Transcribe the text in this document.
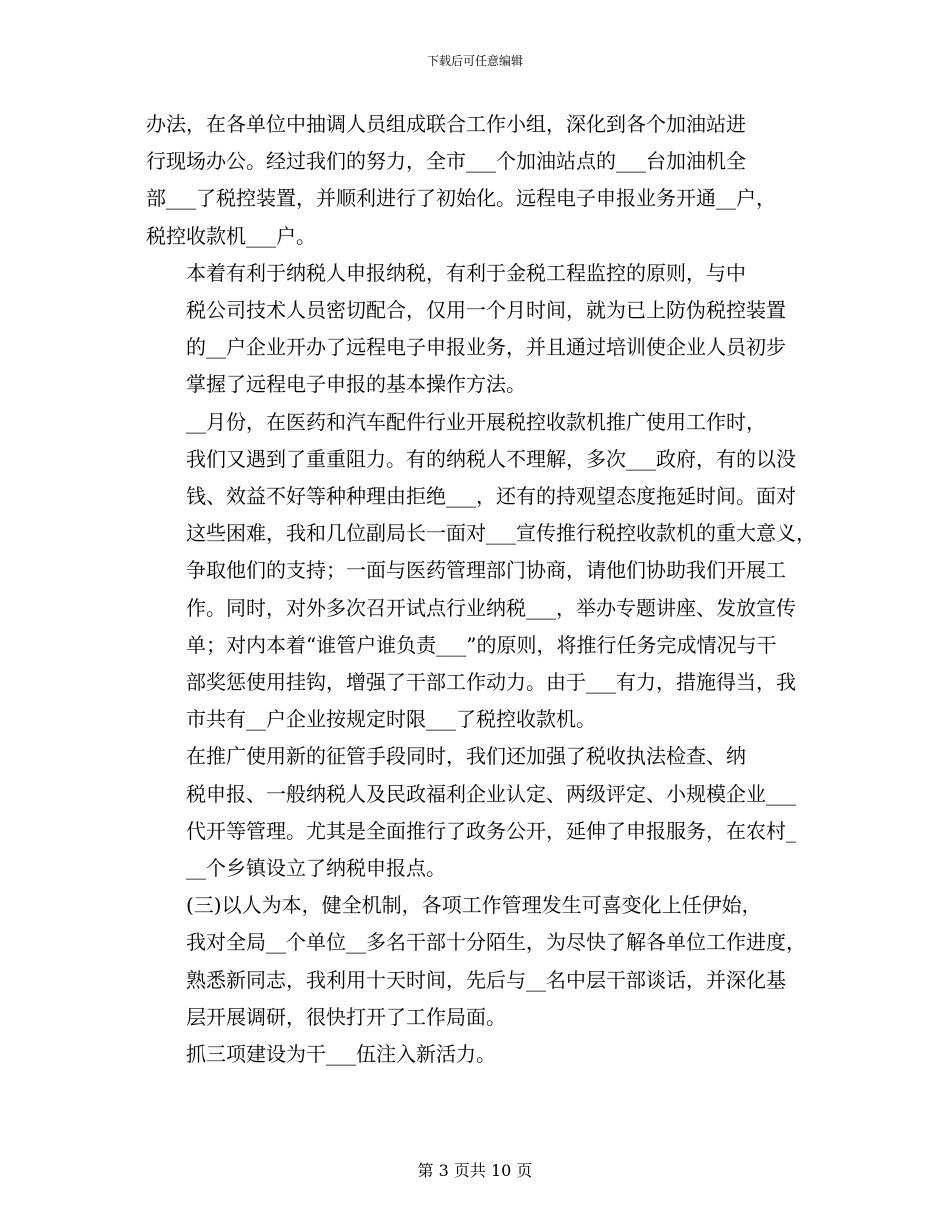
下载后可任意编辑
办法，在各单位中抽调人员组成联合工作小组，深化到各个加油站进
行现场办公。经过我们的努力，全市___个加油站点的___台加油机全
部___了税控装置，并顺利进行了初始化。远程电子申报业务开通__户，
税控收款机___户。
本着有利于纳税人申报纳税，有利于金税工程监控的原则，与中
税公司技术人员密切配合，仅用一个月时间，就为已上防伪税控装置
的__户企业开办了远程电子申报业务，并且通过培训使企业人员初步
掌握了远程电子申报的基本操作方法。
__月份，在医药和汽车配件行业开展税控收款机推广使用工作时，
我们又遇到了重重阻力。有的纳税人不理解，多次___政府，有的以没
钱、效益不好等种种理由拒绝___，还有的持观望态度拖延时间。面对
这些困难，我和几位副局长一面对___宣传推行税控收款机的重大意义，
争取他们的支持；一面与医药管理部门协商，请他们协助我们开展工
作。同时，对外多次召开试点行业纳税___，举办专题讲座、发放宣传
单；对内本着“谁管户谁负责___”的原则，将推行任务完成情况与干
部奖惩使用挂钩，增强了干部工作动力。由于___有力，措施得当，我
市共有__户企业按规定时限___了税控收款机。
在推广使用新的征管手段同时，我们还加强了税收执法检查、纳
税申报、一般纳税人及民政福利企业认定、两级评定、小规模企业___
代开等管理。尤其是全面推行了政务公开，延伸了申报服务，在农村_
__个乡镇设立了纳税申报点。
(三)以人为本，健全机制，各项工作管理发生可喜变化上任伊始，
我对全局__个单位__多名干部十分陌生，为尽快了解各单位工作进度，
熟悉新同志，我利用十天时间，先后与__名中层干部谈话，并深化基
层开展调研，很快打开了工作局面。
抓三项建设为干___伍注入新活力。
第 3 页共 10 页
